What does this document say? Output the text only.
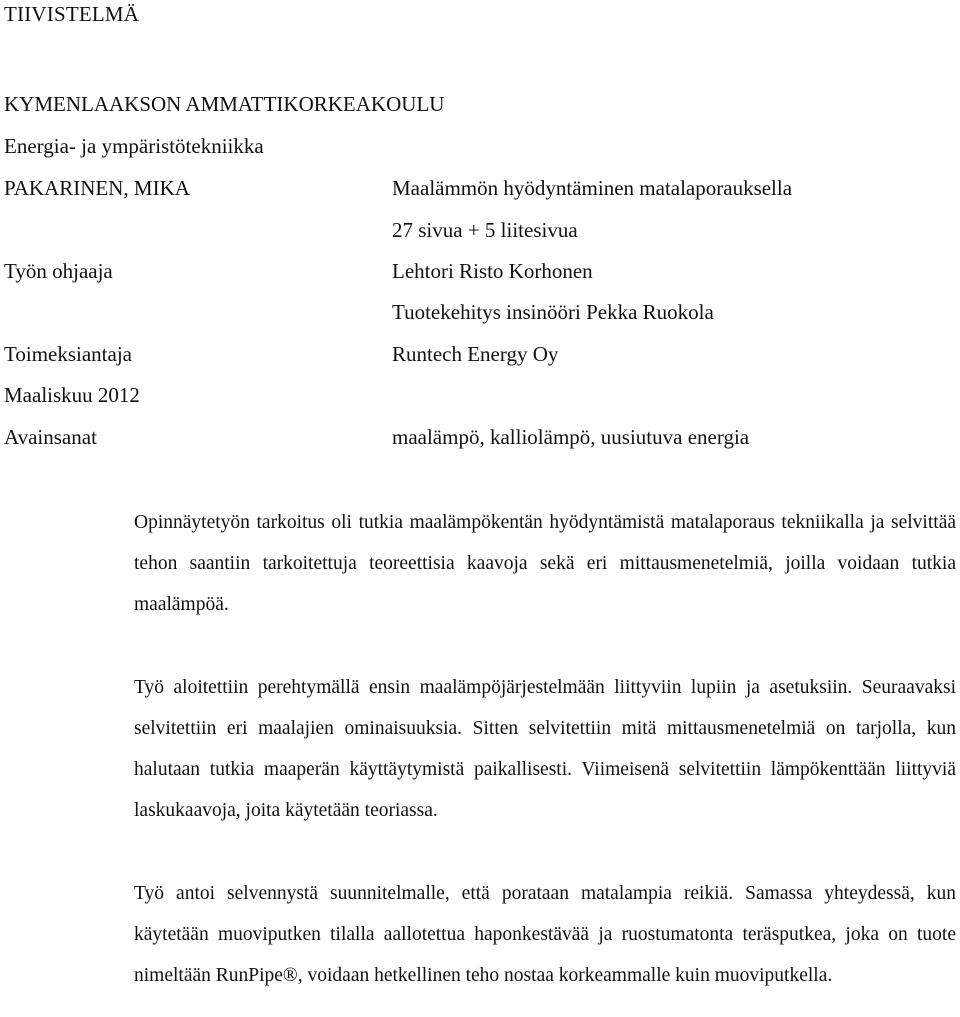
TIIVISTELMÄ
KYMENLAAKSON AMMATTIKORKEAKOULU
Energia- ja ympäristötekniikka
PAKARINEN, MIKA	Maalämmön hyödyntäminen matalaporauksella
27 sivua + 5 liitesivua
Työn ohjaaja	Lehtori Risto Korhonen
Tuotekehitys insinööri Pekka Ruokola
Toimeksiantaja	Runtech Energy Oy
Maaliskuu 2012
Avainsanat	maalämpö, kalliolämpö, uusiutuva energia

Opinnäytetyön tarkoitus oli tutkia maalämpökentän hyödyntämistä matalaporaus tekniikalla ja selvittää tehon saantiin tarkoitettuja teoreettisia kaavoja sekä eri mittausmenetelmiä, joilla voidaan tutkia maalämpöä.

Työ aloitettiin perehtymällä ensin maalämpöjärjestelmään liittyviin lupiin ja asetuksiin. Seuraavaksi selvitettiin eri maalajien ominaisuuksia. Sitten selvitettiin mitä mittausmenetelmiä on tarjolla, kun halutaan tutkia maaperän käyttäytymistä paikallisesti. Viimeisenä selvitettiin lämpökenttään liittyviä laskukaavoja, joita käytetään teoriassa.

Työ antoi selvennystä suunnitelmalle, että porataan matalampia reikiä. Samassa yhteydessä, kun käytetään muoviputken tilalla aallotettua haponkestävää ja ruostumatonta teräsputkea, joka on tuote nimeltään RunPipe®, voidaan hetkellinen teho nostaa korkeammalle kuin muoviputkella.
